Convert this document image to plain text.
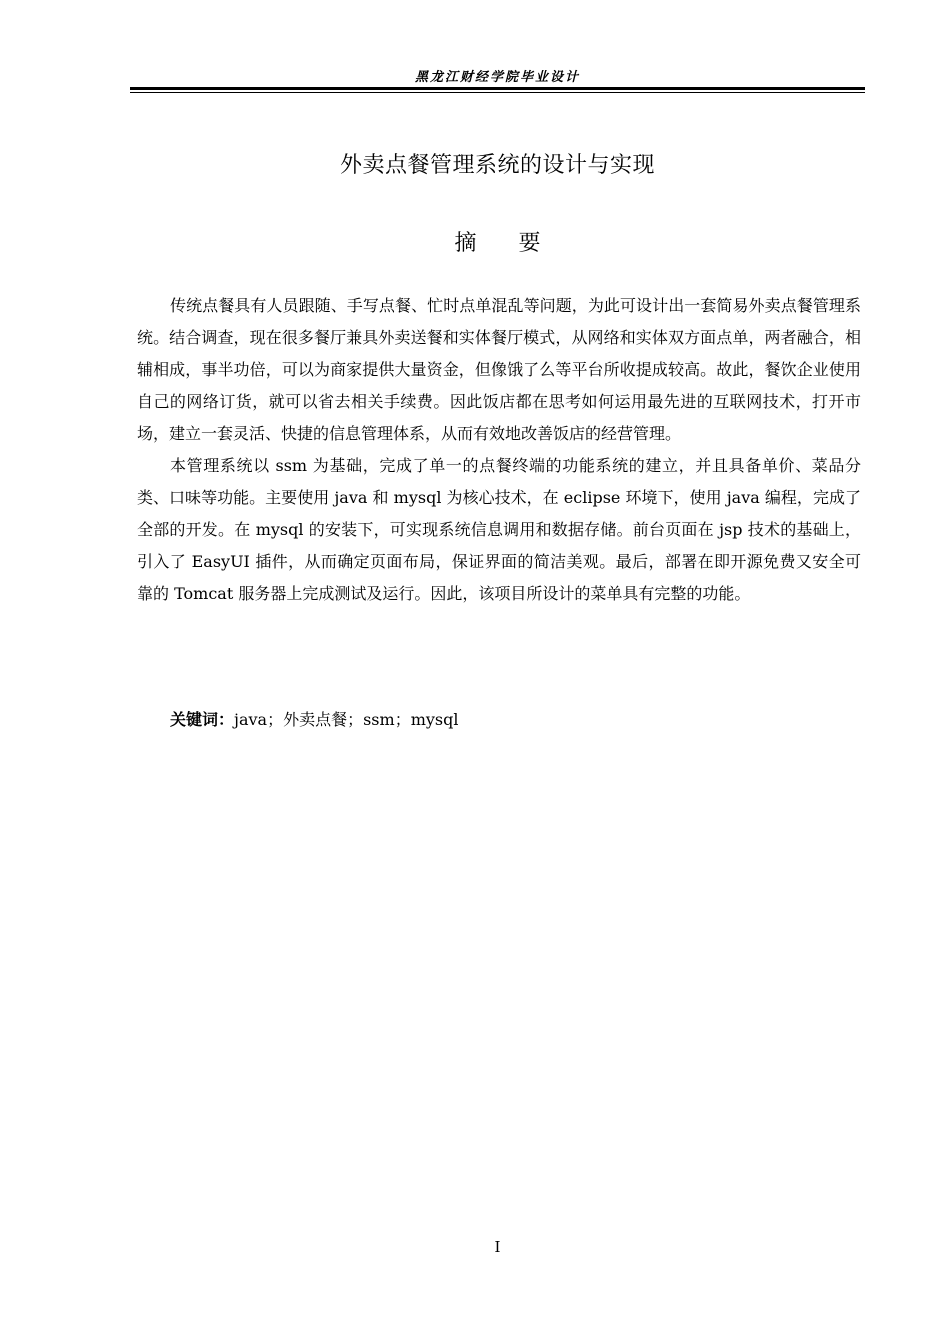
黑龙江财经学院毕业设计
外卖点餐管理系统的设计与实现
摘      要

传统点餐具有人员跟随、手写点餐、忙时点单混乱等问题，为此可设计出一套简易外卖点餐管理系统。结合调查，现在很多餐厅兼具外卖送餐和实体餐厅模式，从网络和实体双方面点单，两者融合，相辅相成，事半功倍，可以为商家提供大量资金，但像饿了么等平台所收提成较高。故此，餐饮企业使用自己的网络订货，就可以省去相关手续费。因此饭店都在思考如何运用最先进的互联网技术，打开市场，建立一套灵活、快捷的信息管理体系，从而有效地改善饭店的经营管理。

本管理系统以 ssm 为基础，完成了单一的点餐终端的功能系统的建立，并且具备单价、菜品分类、口味等功能。主要使用 java 和 mysql 为核心技术，在 eclipse 环境下，使用 java 编程，完成了全部的开发。在 mysql 的安装下，可实现系统信息调用和数据存储。前台页面在 jsp 技术的基础上，引入了 EasyUI 插件，从而确定页面布局，保证界面的简洁美观。最后，部署在即开源免费又安全可靠的 Tomcat 服务器上完成测试及运行。因此，该项目所设计的菜单具有完整的功能。

关键词：java；外卖点餐；ssm；mysql
I
